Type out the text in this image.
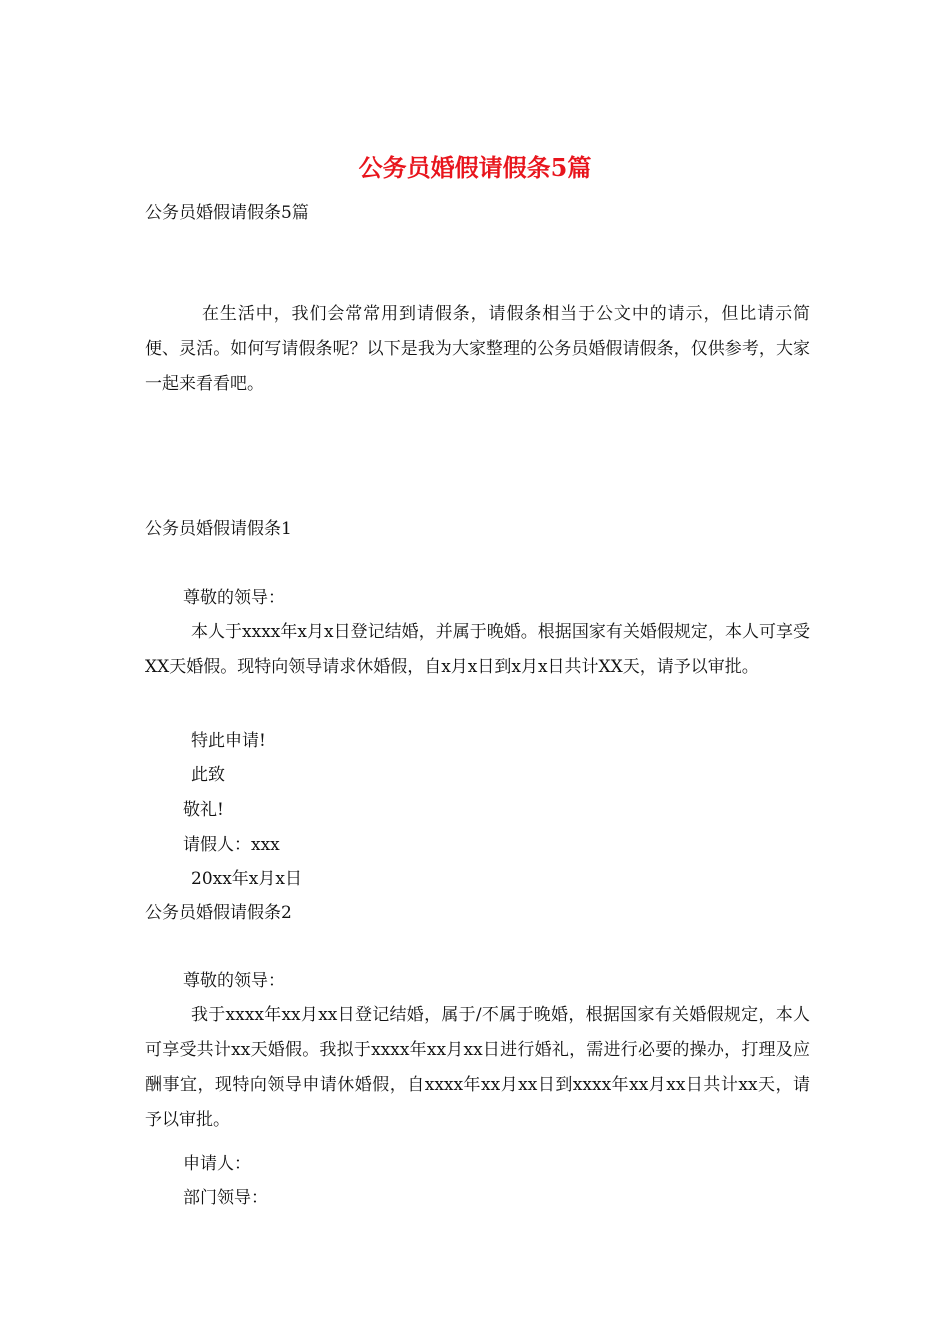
公务员婚假请假条5篇
公务员婚假请假条5篇
在生活中，我们会常常用到请假条，请假条相当于公文中的请示，但比请示简便、灵活。如何写请假条呢？以下是我为大家整理的公务员婚假请假条，仅供参考，大家一起来看看吧。
公务员婚假请假条1
尊敬的领导：
本人于xxxx年x月x日登记结婚，并属于晚婚。根据国家有关婚假规定，本人可享受XX天婚假。现特向领导请求休婚假，自x月x日到x月x日共计XX天，请予以审批。
特此申请!
此致
敬礼!
请假人：xxx
20xx年x月x日
公务员婚假请假条2
尊敬的领导：
我于xxxx年xx月xx日登记结婚，属于/不属于晚婚，根据国家有关婚假规定，本人可享受共计xx天婚假。我拟于xxxx年xx月xx日进行婚礼，需进行必要的操办，打理及应酬事宜，现特向领导申请休婚假，自xxxx年xx月xx日到xxxx年xx月xx日共计xx天，请予以审批。
申请人：
部门领导：
